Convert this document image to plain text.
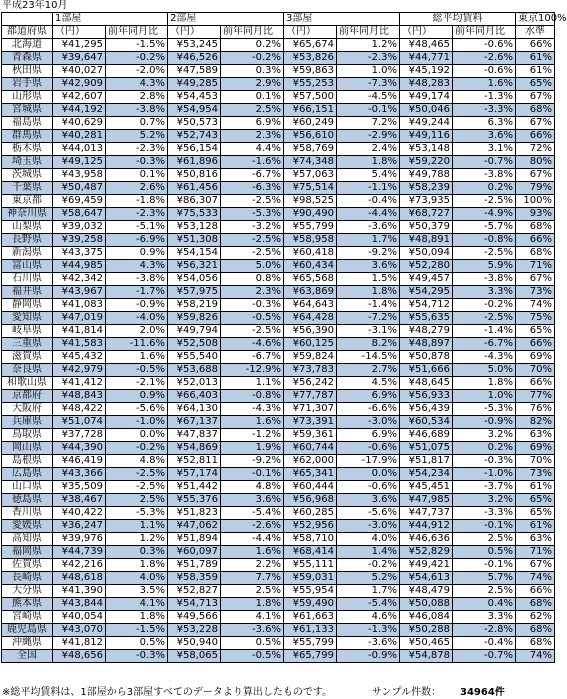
平成23年10月
	1部屋		2部屋		3部屋		総平均賃料		東京100%
都道府県	（円）	前年同月比	（円）	前年同月比	（円）	前年同月比	（円）	前年同月比	水準
北海道	¥41,295	-1.5%	¥53,245	0.2%	¥65,674	1.2%	¥48,465	-0.6%	66%
青森県	¥39,647	-0.2%	¥46,526	-0.2%	¥53,826	-2.3%	¥44,771	-2.6%	61%
秋田県	¥40,027	-2.0%	¥47,589	0.3%	¥59,863	1.0%	¥45,192	-0.6%	61%
岩手県	¥42,909	4.3%	¥49,285	2.9%	¥55,253	-7.3%	¥48,283	1.6%	65%
山形県	¥42,607	2.8%	¥54,453	0.1%	¥57,500	-4.5%	¥49,174	-1.3%	67%
宮城県	¥44,192	-3.8%	¥54,954	2.5%	¥66,151	-0.1%	¥50,046	-3.3%	68%
福島県	¥40,629	0.7%	¥50,573	6.9%	¥60,249	7.2%	¥49,244	6.3%	67%
群馬県	¥40,281	5.2%	¥52,743	2.3%	¥56,610	-2.9%	¥49,116	3.6%	66%
栃木県	¥44,013	-2.3%	¥56,154	4.4%	¥58,769	2.4%	¥53,148	3.1%	72%
埼玉県	¥49,125	-0.3%	¥61,896	-1.6%	¥74,348	1.8%	¥59,220	-0.7%	80%
茨城県	¥43,958	0.1%	¥50,816	-6.7%	¥57,063	5.4%	¥49,788	-3.8%	67%
千葉県	¥50,487	2.6%	¥61,456	-6.3%	¥75,514	-1.1%	¥58,239	0.2%	79%
東京都	¥69,459	-1.8%	¥86,307	-2.5%	¥98,525	-0.4%	¥73,935	-2.5%	100%
神奈川県	¥58,647	-2.3%	¥75,533	-5.3%	¥90,490	-4.4%	¥68,727	-4.9%	93%
山梨県	¥39,032	-5.1%	¥53,128	-3.2%	¥55,799	-3.6%	¥50,379	-5.7%	68%
長野県	¥39,258	-6.9%	¥51,308	-2.5%	¥58,958	1.7%	¥48,891	-0.8%	66%
新潟県	¥43,375	0.9%	¥54,154	-2.5%	¥60,418	-9.2%	¥50,094	-2.5%	68%
富山県	¥44,985	4.3%	¥56,321	5.0%	¥60,434	3.6%	¥52,280	5.9%	71%
石川県	¥42,342	-3.8%	¥54,056	0.8%	¥65,568	1.5%	¥49,457	-3.8%	67%
福井県	¥43,967	-1.7%	¥57,975	2.3%	¥63,869	1.8%	¥54,295	3.3%	73%
静岡県	¥41,083	-0.9%	¥58,219	-0.3%	¥64,643	-1.4%	¥54,712	-0.2%	74%
愛知県	¥47,019	-4.0%	¥59,826	-0.5%	¥64,428	-7.2%	¥55,635	-2.5%	75%
岐阜県	¥41,814	2.0%	¥49,794	-2.5%	¥56,390	-3.1%	¥48,279	-1.4%	65%
三重県	¥41,583	-11.6%	¥52,508	-4.6%	¥60,125	8.2%	¥48,897	-6.7%	66%
滋賀県	¥45,432	1.6%	¥55,540	-6.7%	¥59,824	-14.5%	¥50,878	-4.3%	69%
奈良県	¥42,979	-0.5%	¥53,688	-12.9%	¥73,783	2.7%	¥51,666	5.0%	70%
和歌山県	¥41,412	-2.1%	¥52,013	1.1%	¥56,242	4.5%	¥48,645	1.8%	66%
京都府	¥48,843	0.9%	¥66,403	-0.8%	¥77,787	6.9%	¥56,933	1.0%	77%
大阪府	¥48,422	-5.6%	¥64,130	-4.3%	¥71,307	-6.6%	¥56,439	-5.3%	76%
兵庫県	¥51,074	-1.0%	¥67,137	1.6%	¥73,391	-3.0%	¥60,534	-0.9%	82%
鳥取県	¥37,728	0.0%	¥47,837	-1.2%	¥59,361	6.9%	¥46,689	3.2%	63%
岡山県	¥44,390	-0.2%	¥54,869	1.9%	¥60,744	-0.6%	¥51,075	0.2%	69%
島根県	¥46,419	4.8%	¥52,811	-9.2%	¥62,000	-17.9%	¥51,817	-0.3%	70%
広島県	¥43,366	-2.5%	¥57,174	-0.1%	¥65,341	0.0%	¥54,234	-1.0%	73%
山口県	¥35,509	-2.5%	¥51,442	4.8%	¥60,444	-0.6%	¥45,451	-3.7%	61%
徳島県	¥38,467	2.5%	¥55,376	3.6%	¥56,968	3.6%	¥47,985	3.2%	65%
香川県	¥40,422	-5.3%	¥51,823	-5.4%	¥60,285	-5.6%	¥47,737	-3.3%	65%
愛媛県	¥36,247	1.1%	¥47,062	-2.6%	¥52,956	-3.0%	¥44,912	-0.1%	61%
高知県	¥39,976	1.2%	¥51,894	-4.4%	¥58,710	4.0%	¥46,636	2.5%	63%
福岡県	¥44,739	0.3%	¥60,097	1.6%	¥68,414	1.4%	¥52,829	0.5%	71%
佐賀県	¥42,216	1.8%	¥51,789	2.2%	¥55,111	-0.2%	¥49,421	-0.1%	67%
長崎県	¥48,618	4.0%	¥58,359	7.7%	¥59,031	5.2%	¥54,613	5.7%	74%
大分県	¥41,390	3.5%	¥52,827	2.5%	¥55,954	1.7%	¥48,479	2.5%	66%
熊本県	¥43,844	4.1%	¥54,713	1.8%	¥59,490	-5.4%	¥50,088	0.4%	68%
宮崎県	¥40,054	1.8%	¥49,566	4.1%	¥61,663	4.6%	¥46,084	3.3%	62%
鹿児島県	¥43,070	-1.5%	¥53,228	-3.6%	¥61,133	-1.3%	¥50,288	-2.8%	68%
沖縄県	¥41,812	0.5%	¥50,940	0.5%	¥55,799	-3.6%	¥50,465	-0.4%	68%
全国	¥48,656	-0.3%	¥58,065	-0.5%	¥65,799	-0.9%	¥54,878	-0.7%	74%
※総平均賃料は、1部屋から3部屋すべてのデータより算出したものです。	サンプル件数： 34964件
